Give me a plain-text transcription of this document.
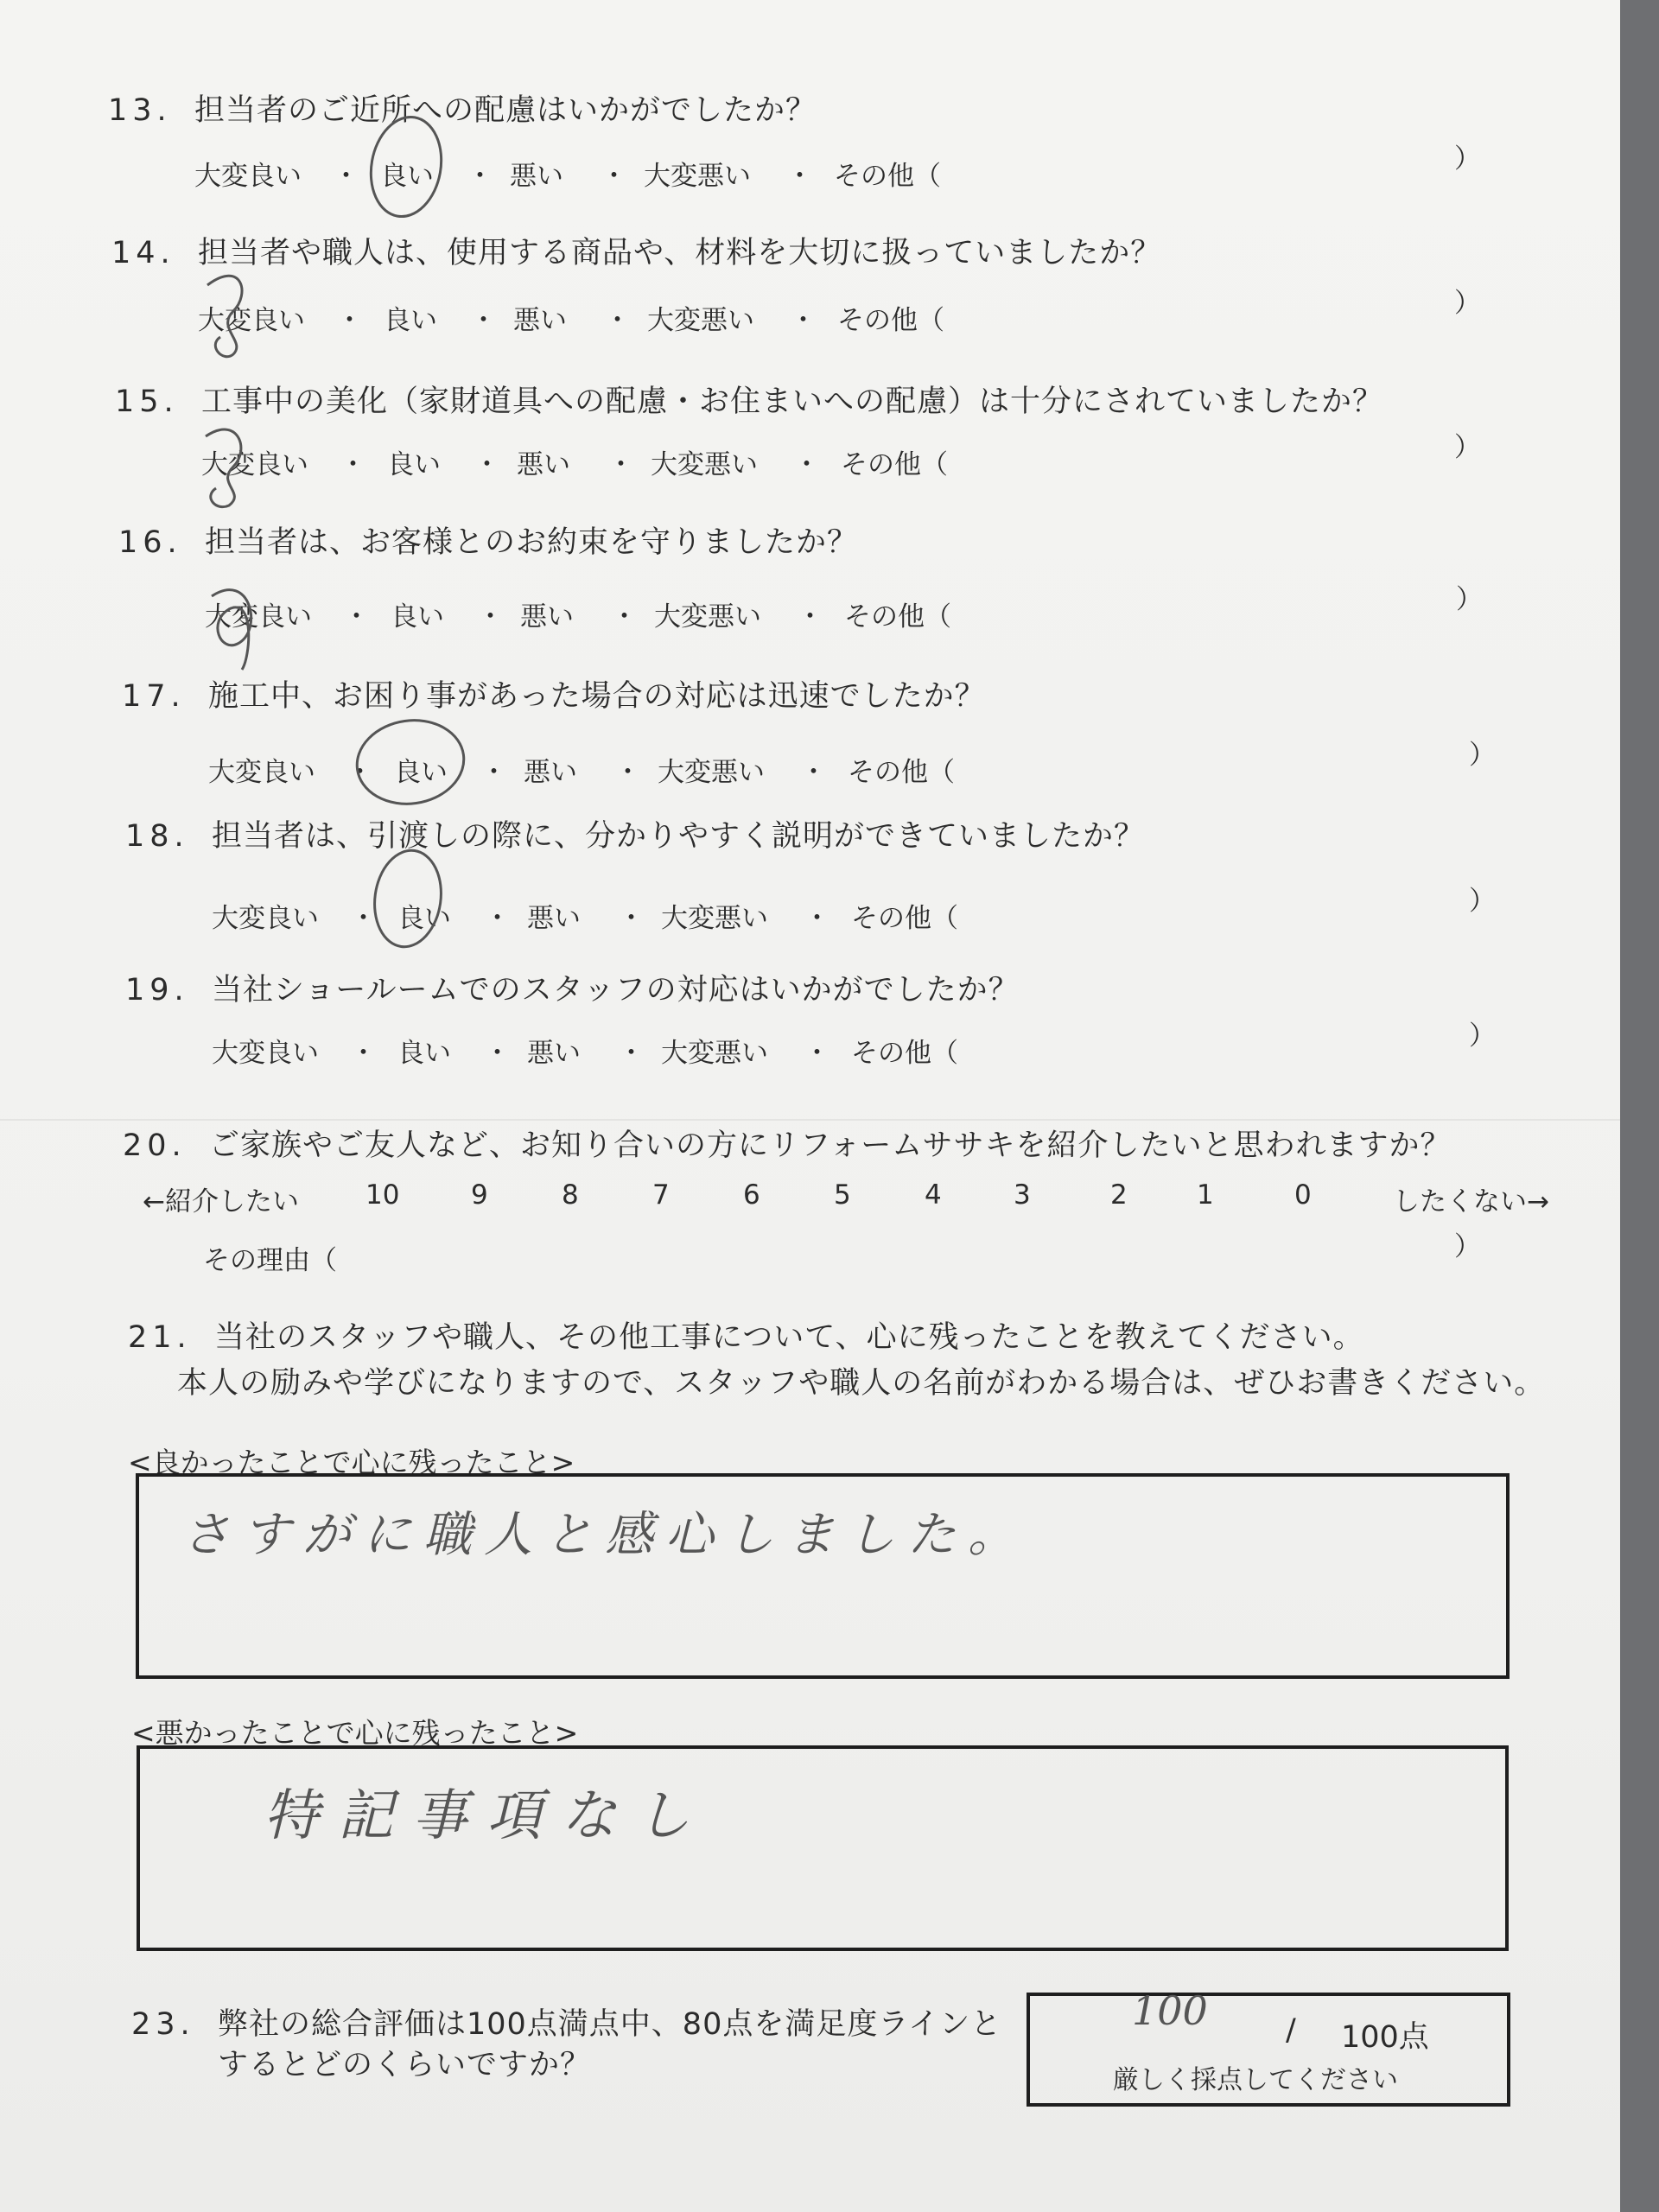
13. 担当者のご近所への配慮はいかがでしたか？
大変良い ・ 良い ・ 悪い ・ 大変悪い ・ その他（
）
14. 担当者や職人は、使用する商品や、材料を大切に扱っていましたか？
大変良い ・ 良い ・ 悪い ・ 大変悪い ・ その他（
）
15. 工事中の美化（家財道具への配慮・お住まいへの配慮）は十分にされていましたか？
大変良い ・ 良い ・ 悪い ・ 大変悪い ・ その他（
）
16. 担当者は、お客様とのお約束を守りましたか？
大変良い ・ 良い ・ 悪い ・ 大変悪い ・ その他（
）
17. 施工中、お困り事があった場合の対応は迅速でしたか？
大変良い ・ 良い ・ 悪い ・ 大変悪い ・ その他（
）
18. 担当者は、引渡しの際に、分かりやすく説明ができていましたか？
大変良い ・ 良い ・ 悪い ・ 大変悪い ・ その他（
）
19. 当社ショールームでのスタッフの対応はいかがでしたか？
大変良い ・ 良い ・ 悪い ・ 大変悪い ・ その他（
）
20. ご家族やご友人など、お知り合いの方にリフォームササキを紹介したいと思われますか？
←紹介したい 10	9	8	7	6	5	4	3	2	1	0	したくない→
その理由（	）
21. 当社のスタッフや職人、その他工事について、心に残ったことを教えてください。
本人の励みや学びになりますので、スタッフや職人の名前がわかる場合は、ぜひお書きください。
<良かったことで心に残ったこと>
さすがに職人と感心しました。
<悪かったことで心に残ったこと>
特記事項なし
23. 弊社の総合評価は100点満点中、80点を満足度ラインと
するとどのくらいですか？
100	/ 100点
厳しく採点してください
